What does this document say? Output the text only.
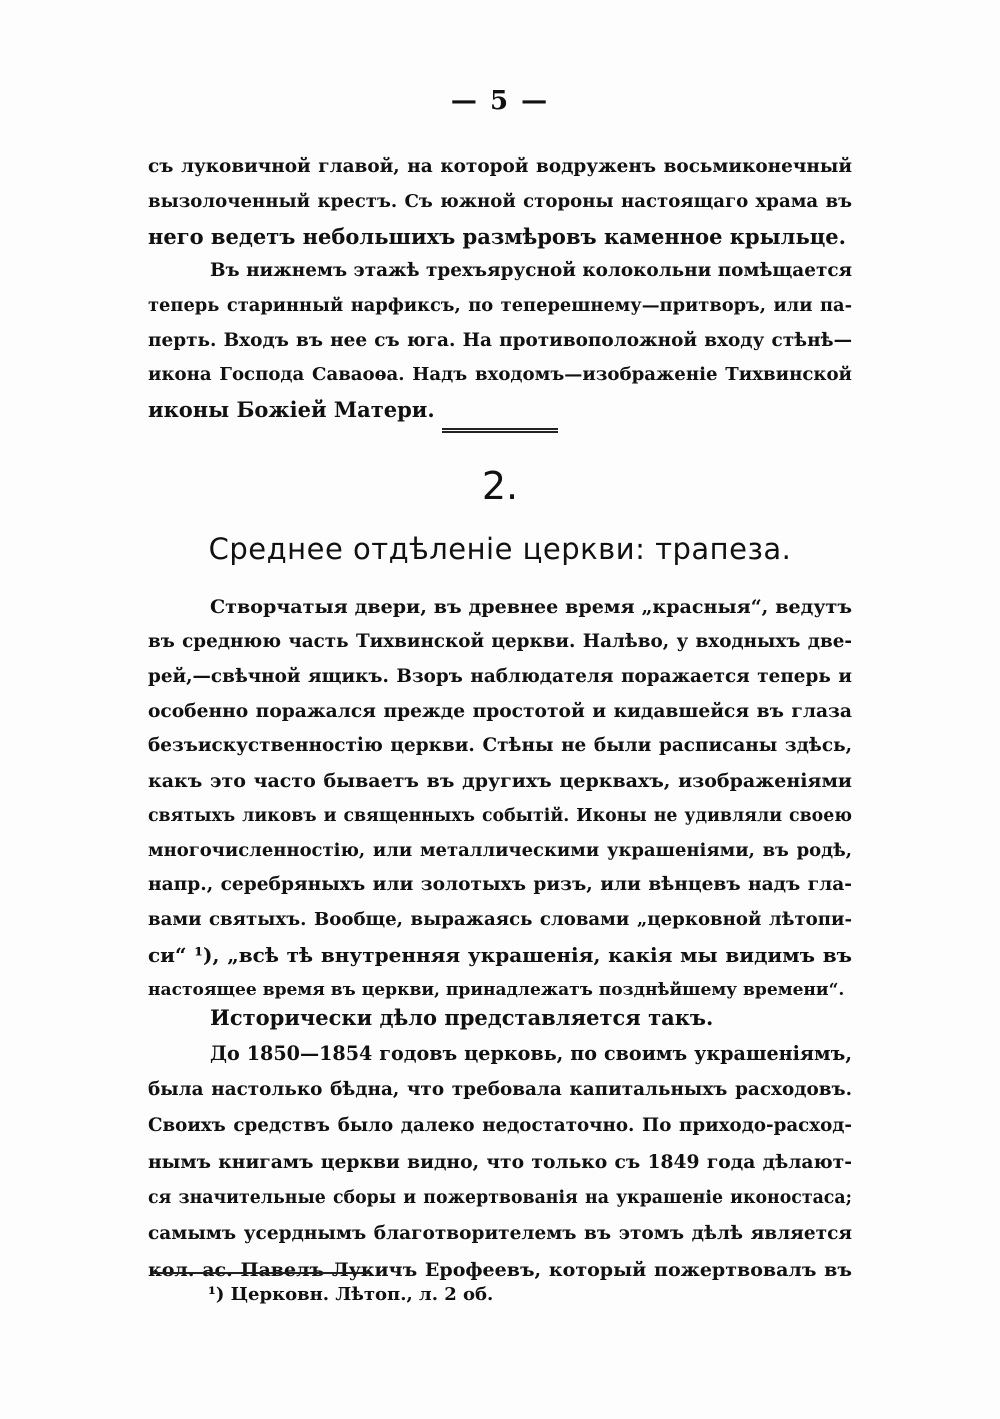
— 5 —
съ луковичной главой, на которой водруженъ восьмиконечный
вызолоченный крестъ. Съ южной стороны настоящаго храма въ
него ведетъ небольшихъ размѣровъ каменное крыльце.
Въ нижнемъ этажѣ трехъярусной колокольни помѣщается
теперь старинный нарфиксъ, по теперешнему—притворъ, или па-
перть. Входъ въ нее съ юга. На противоположной входу стѣнѣ—
икона Господа Саваоѳа. Надъ входомъ—изображеніе Тихвинской
иконы Божіей Матери.
2.
Среднее отдѣленіе церкви: трапеза.
Створчатыя двери, въ древнее время „красныя“, ведутъ
въ среднюю часть Тихвинской церкви. Налѣво, у входныхъ две-
рей,—свѣчной ящикъ. Взоръ наблюдателя поражается теперь и
особенно поражался прежде простотой и кидавшейся въ глаза
безъискуственностію церкви. Стѣны не были расписаны здѣсь,
какъ это часто бываетъ въ другихъ церквахъ, изображеніями
святыхъ ликовъ и священныхъ событій. Иконы не удивляли своею
многочисленностію, или металлическими украшеніями, въ родѣ,
напр., серебряныхъ или золотыхъ ризъ, или вѣнцевъ надъ гла-
вами святыхъ. Вообще, выражаясь словами „церковной лѣтопи-
си“ ¹), „всѣ тѣ внутренняя украшенія, какія мы видимъ въ
настоящее время въ церкви, принадлежатъ позднѣйшему времени“.
Исторически дѣло представляется такъ.
До 1850—1854 годовъ церковь, по своимъ украшеніямъ,
была настолько бѣдна, что требовала капитальныхъ расходовъ.
Своихъ средствъ было далеко недостаточно. По приходо-расход-
нымъ книгамъ церкви видно, что только съ 1849 года дѣлают-
ся значительные сборы и пожертвованія на украшеніе иконостаса;
самымъ усерднымъ благотворителемъ въ этомъ дѣлѣ является
кол. ас. Павелъ Лукичъ Ерофеевъ, который пожертвовалъ въ
¹) Церковн. Лѣтоп., л. 2 об.
